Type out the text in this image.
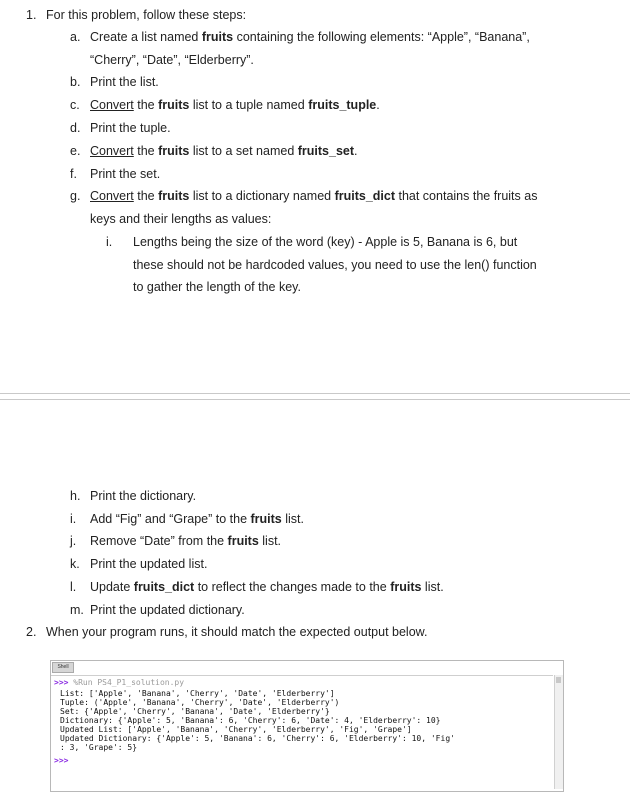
1. For this problem, follow these steps:
a. Create a list named fruits containing the following elements: “Apple”, “Banana”,
“Cherry”, “Date”, “Elderberry”.
b. Print the list.
c. Convert the fruits list to a tuple named fruits_tuple.
d. Print the tuple.
e. Convert the fruits list to a set named fruits_set.
f. Print the set.
g. Convert the fruits list to a dictionary named fruits_dict that contains the fruits as
keys and their lengths as values:
i. Lengths being the size of the word (key) - Apple is 5, Banana is 6, but
these should not be hardcoded values, you need to use the len() function
to gather the length of the key.
h. Print the dictionary.
i. Add “Fig” and “Grape” to the fruits list.
j. Remove “Date” from the fruits list.
k. Print the updated list.
l. Update fruits_dict to reflect the changes made to the fruits list.
m. Print the updated dictionary.
2. When your program runs, it should match the expected output below.
Shell
>>> %Run PS4_P1_solution.py
List: ['Apple', 'Banana', 'Cherry', 'Date', 'Elderberry']
Tuple: ('Apple', 'Banana', 'Cherry', 'Date', 'Elderberry')
Set: {'Apple', 'Cherry', 'Banana', 'Date', 'Elderberry'}
Dictionary: {'Apple': 5, 'Banana': 6, 'Cherry': 6, 'Date': 4, 'Elderberry': 10}
Updated List: ['Apple', 'Banana', 'Cherry', 'Elderberry', 'Fig', 'Grape']
Updated Dictionary: {'Apple': 5, 'Banana': 6, 'Cherry': 6, 'Elderberry': 10, 'Fig'
: 3, 'Grape': 5}
>>>
